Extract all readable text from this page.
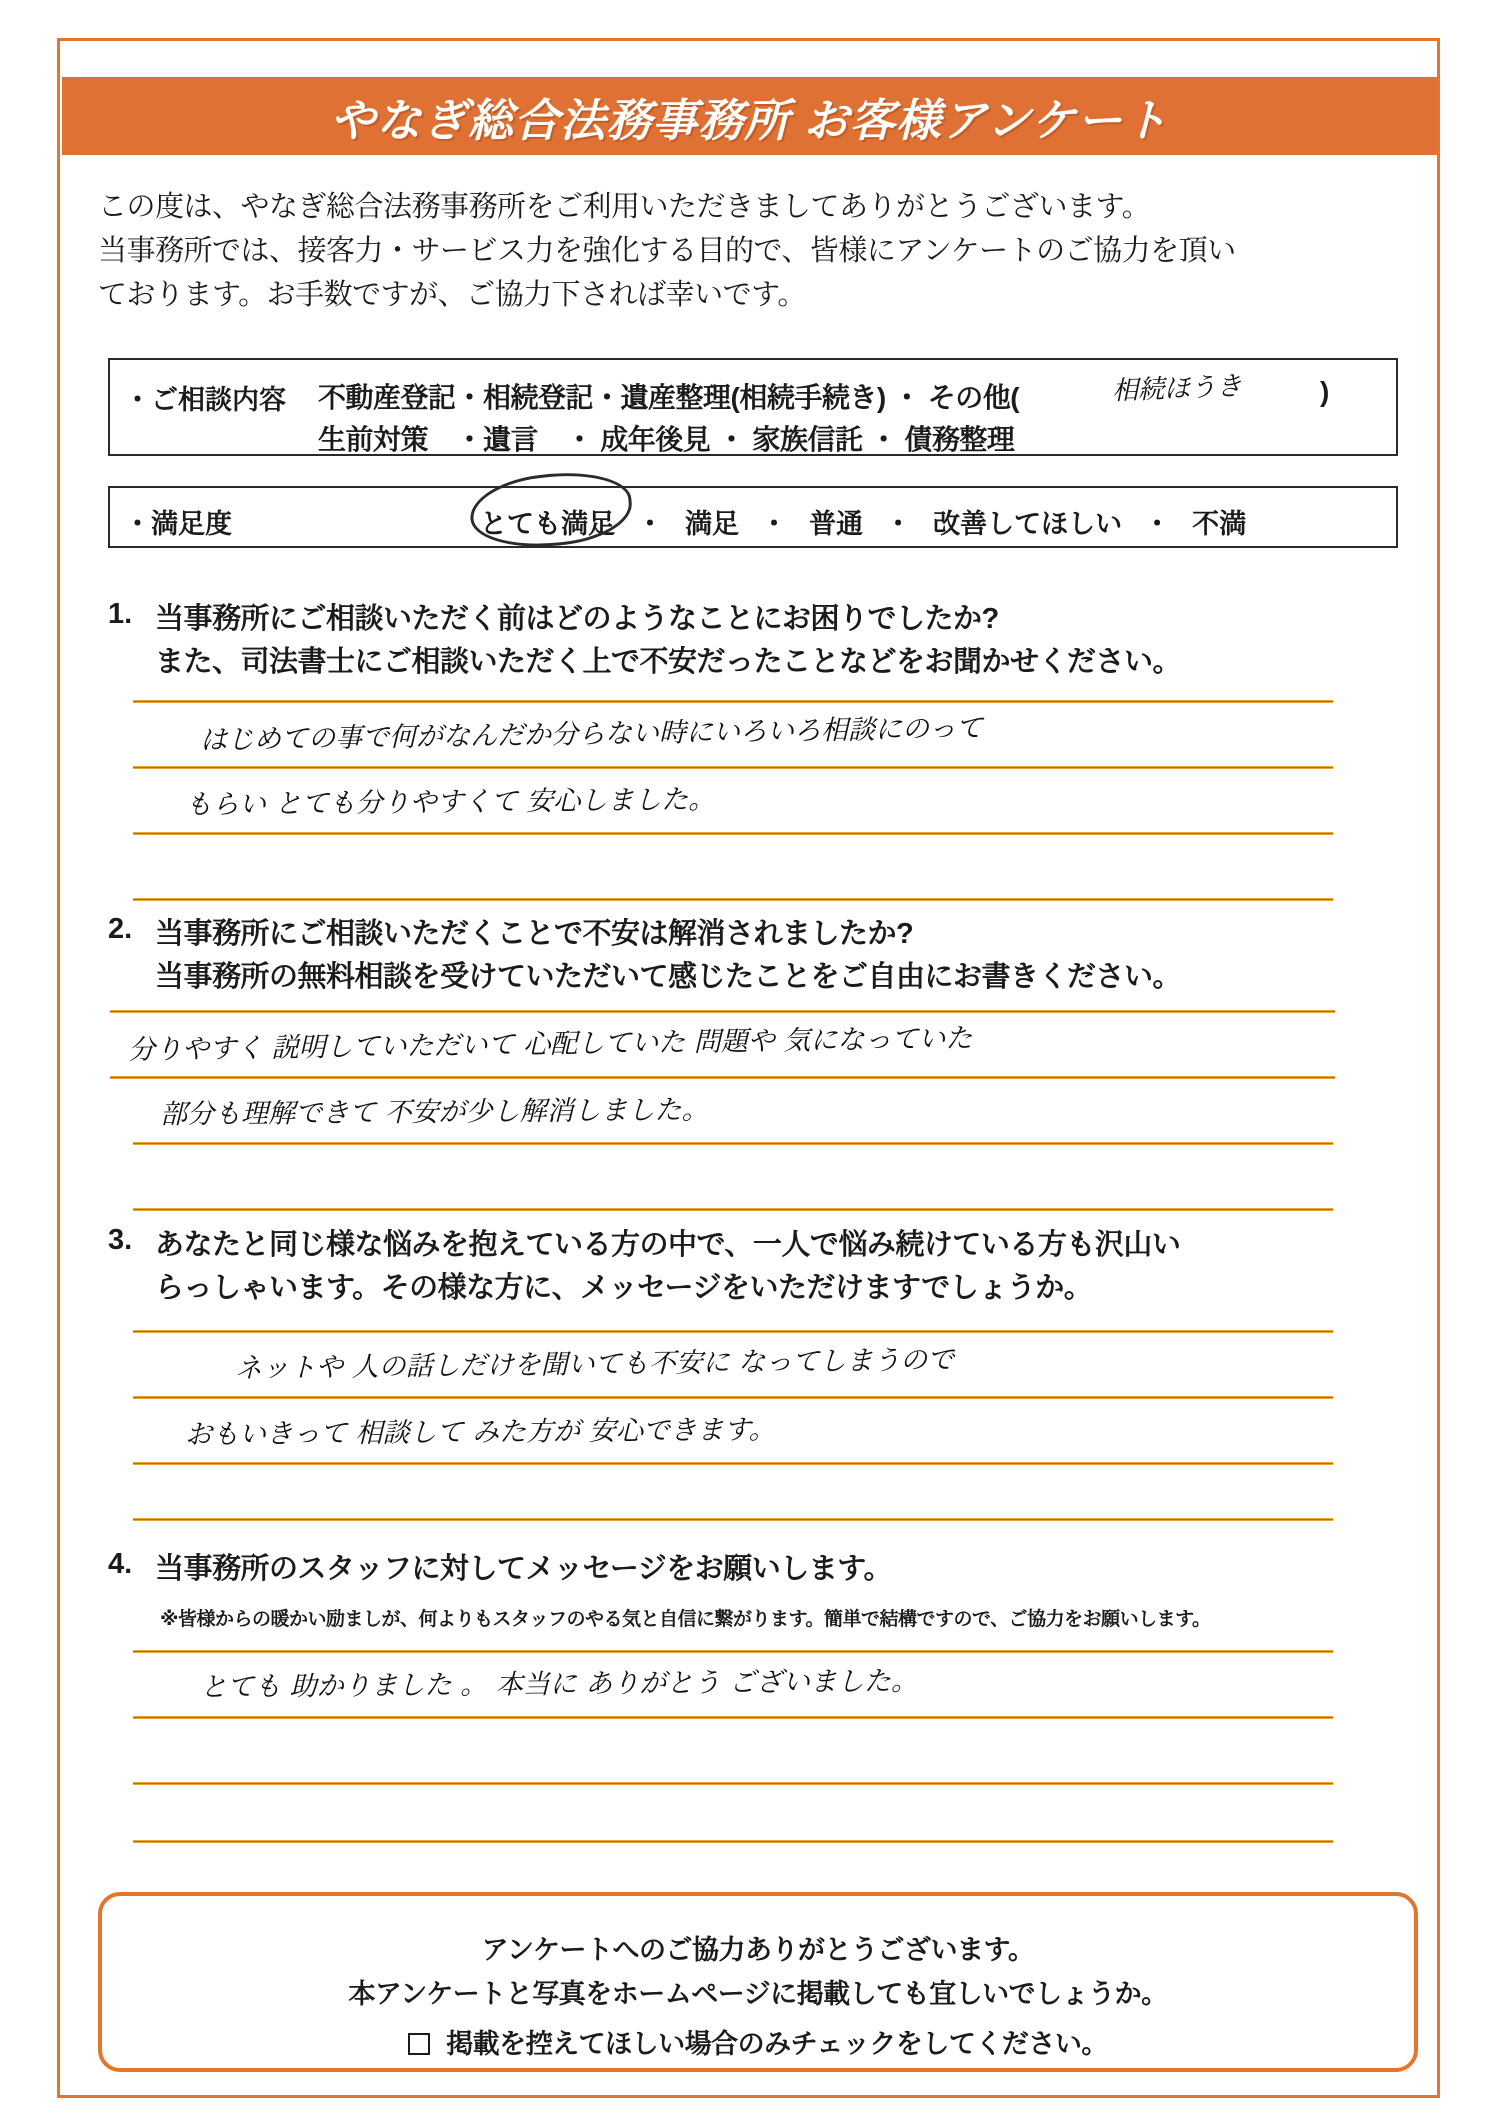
やなぎ総合法務事務所 お客様アンケート
この度は、やなぎ総合法務事務所をご利用いただきましてありがとうございます。
当事務所では、接客力・サービス力を強化する目的で、皆様にアンケートのご協力を頂い
ております。お手数ですが、ご協力下されば幸いです。
・ご相談内容 不動産登記・相続登記・遺産整理(相続手続き) ・ その他(	)
相続ほうき
生前対策　・遺言　・ 成年後見 ・ 家族信託 ・ 債務整理
・満足度	とても満足 ・ 満足 ・ 普通 ・ 改善してほしい ・ 不満
1. 当事務所にご相談いただく前はどのようなことにお困りでしたか?
また、司法書士にご相談いただく上で不安だったことなどをお聞かせください。
はじめての事で何がなんだか分らない時にいろいろ相談にのって
もらい とても分りやすくて 安心しました。
2. 当事務所にご相談いただくことで不安は解消されましたか?
当事務所の無料相談を受けていただいて感じたことをご自由にお書きください。
分りやすく 説明していただいて 心配していた 問題や 気になっていた
部分も理解できて 不安が少し解消しました。
3. あなたと同じ様な悩みを抱えている方の中で、一人で悩み続けている方も沢山い
らっしゃいます。その様な方に、メッセージをいただけますでしょうか。
ネットや 人の話しだけを聞いても不安に なってしまうので
おもいきって 相談して みた方が 安心できます。
4. 当事務所のスタッフに対してメッセージをお願いします。
※皆様からの暖かい励ましが、何よりもスタッフのやる気と自信に繋がります。簡単で結構ですので、ご協力をお願いします。
とても 助かりました 。 本当に ありがとう ございました。
アンケートへのご協力ありがとうございます。
本アンケートと写真をホームページに掲載しても宜しいでしょうか。
掲載を控えてほしい場合のみチェックをしてください。
